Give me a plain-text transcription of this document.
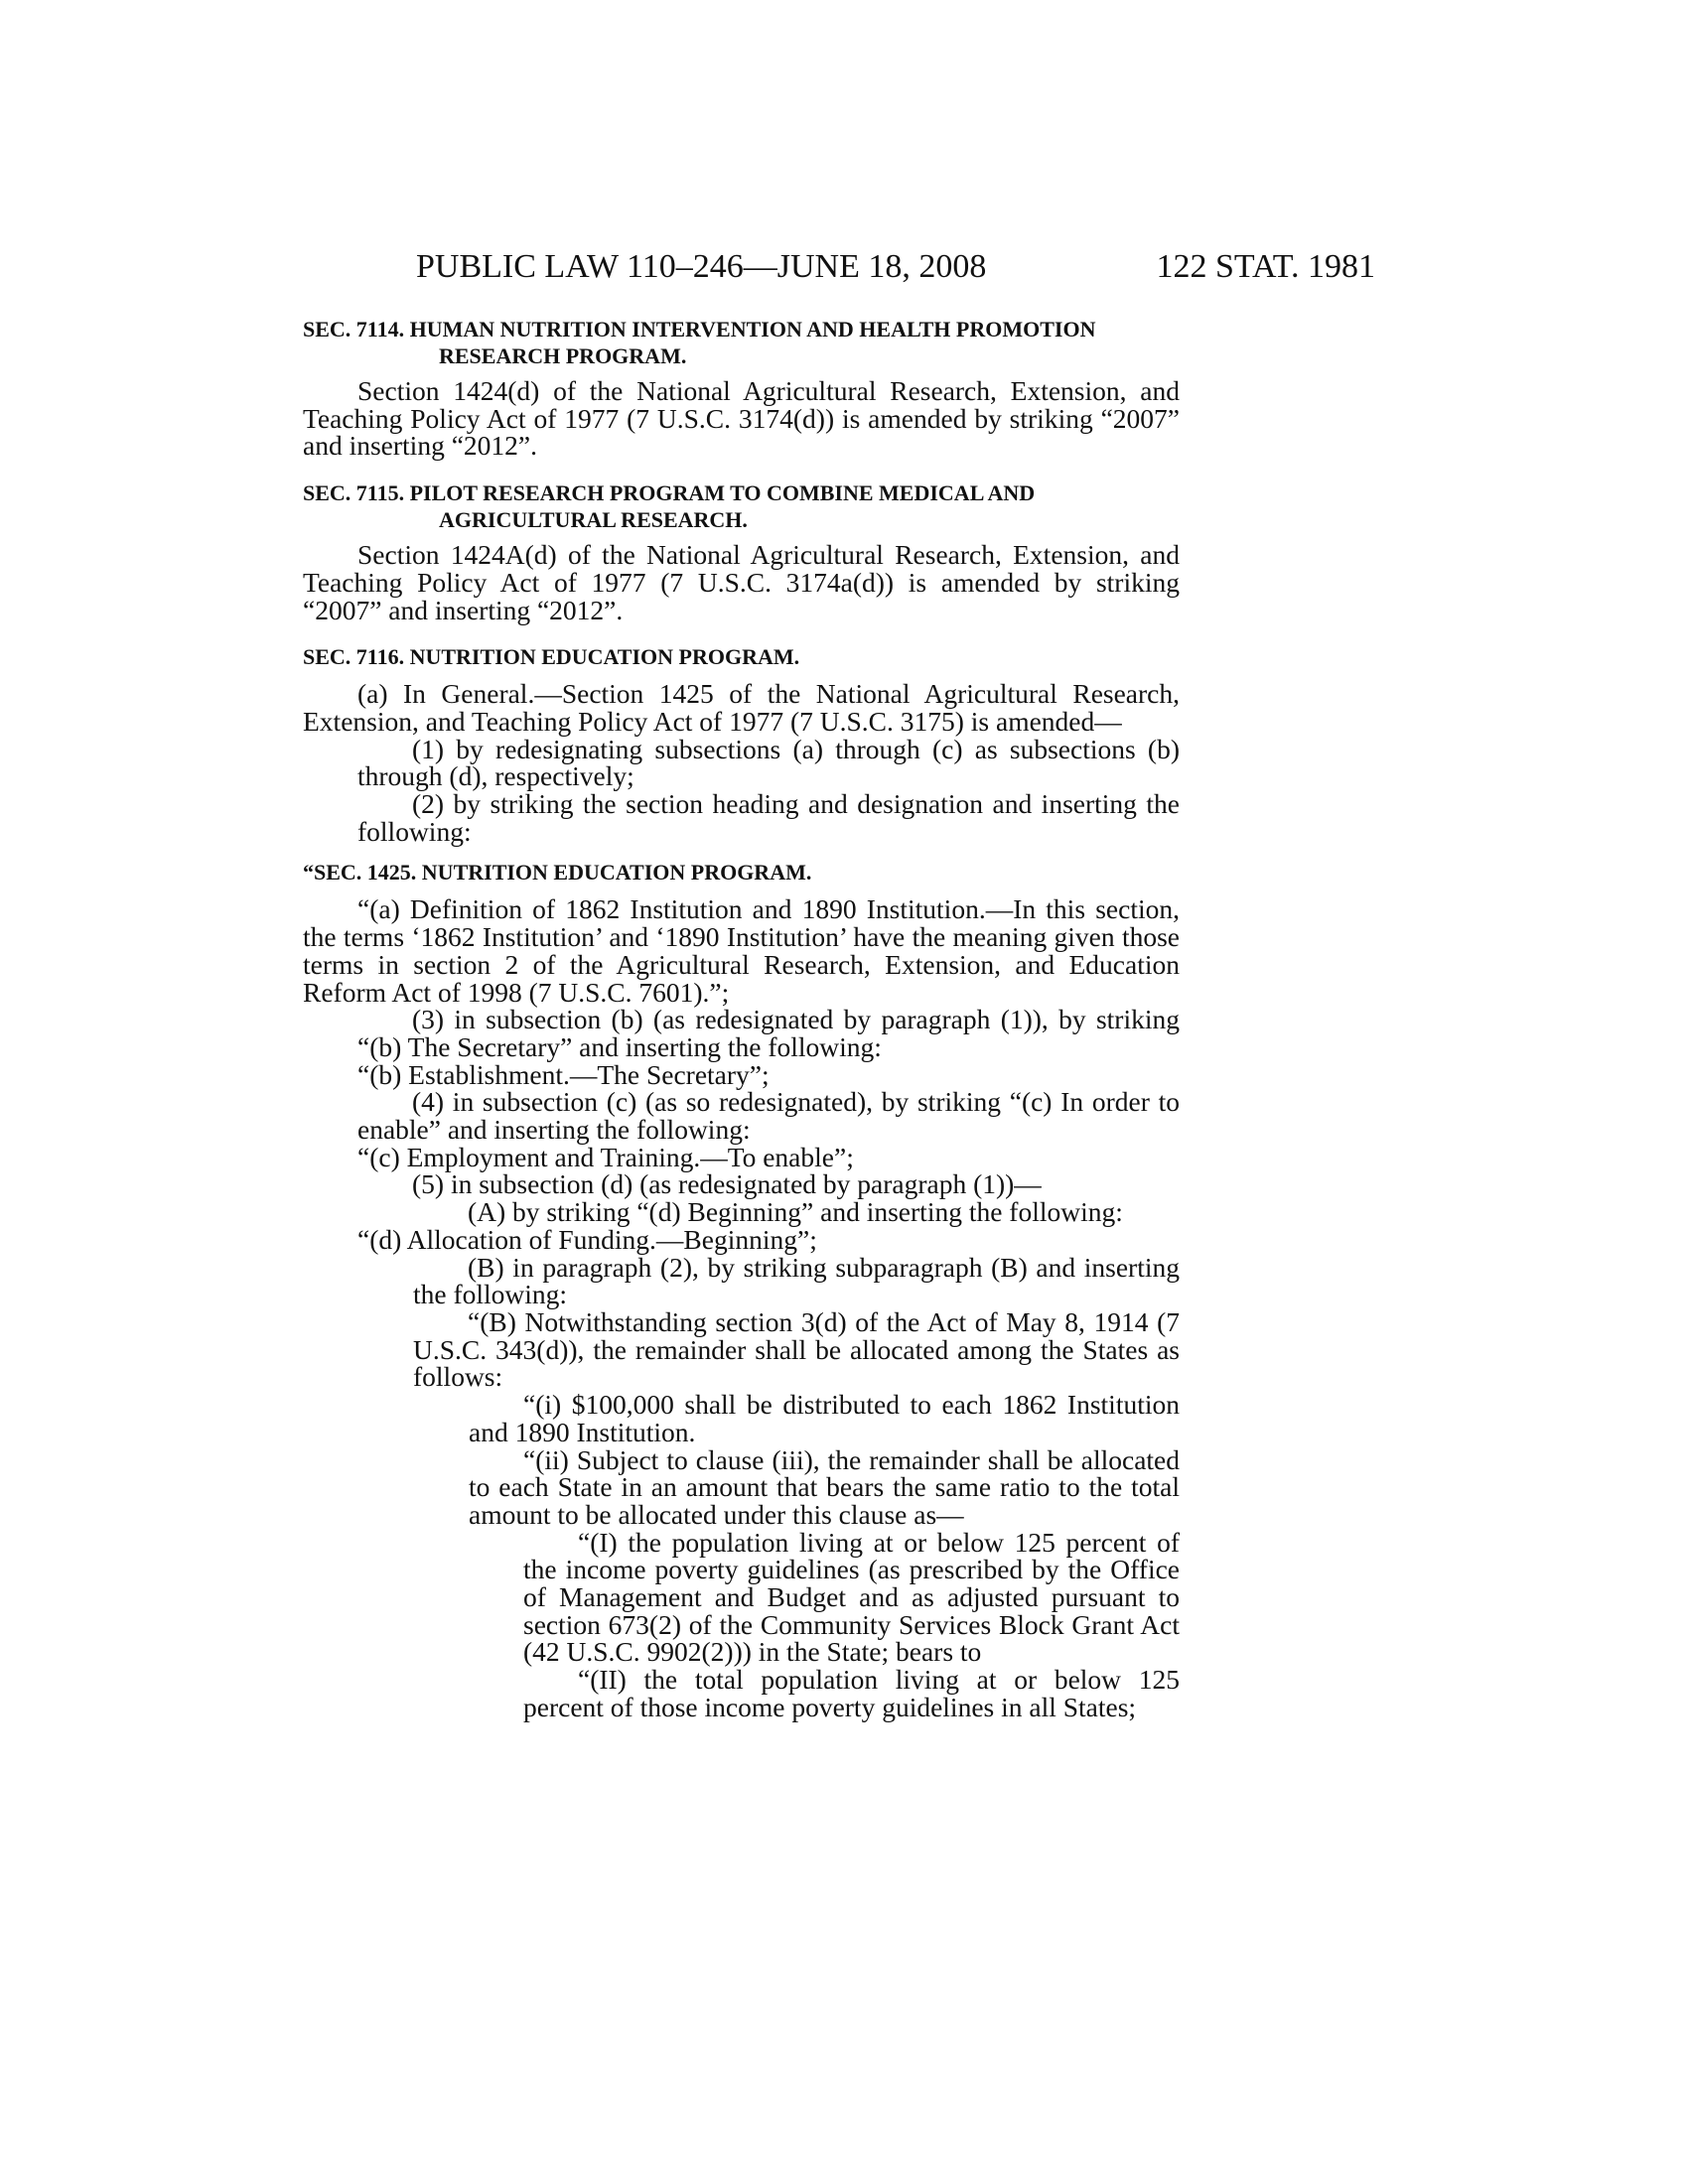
PUBLIC LAW 110–246—JUNE 18, 2008	122 STAT. 1981

SEC. 7114. HUMAN NUTRITION INTERVENTION AND HEALTH PROMOTION RESEARCH PROGRAM.

Section 1424(d) of the National Agricultural Research, Extension, and Teaching Policy Act of 1977 (7 U.S.C. 3174(d)) is amended by striking “2007” and inserting “2012”.

SEC. 7115. PILOT RESEARCH PROGRAM TO COMBINE MEDICAL AND AGRICULTURAL RESEARCH.

Section 1424A(d) of the National Agricultural Research, Extension, and Teaching Policy Act of 1977 (7 U.S.C. 3174a(d)) is amended by striking “2007” and inserting “2012”.

SEC. 7116. NUTRITION EDUCATION PROGRAM.

(a) In General.—Section 1425 of the National Agricultural Research, Extension, and Teaching Policy Act of 1977 (7 U.S.C. 3175) is amended—

(1) by redesignating subsections (a) through (c) as subsections (b) through (d), respectively;

(2) by striking the section heading and designation and inserting the following:

“SEC. 1425. NUTRITION EDUCATION PROGRAM.

“(a) Definition of 1862 Institution and 1890 Institution.—In this section, the terms ‘1862 Institution’ and ‘1890 Institution’ have the meaning given those terms in section 2 of the Agricultural Research, Extension, and Education Reform Act of 1998 (7 U.S.C. 7601).”;

(3) in subsection (b) (as redesignated by paragraph (1)), by striking “(b) The Secretary” and inserting the following:

“(b) Establishment.—The Secretary”;

(4) in subsection (c) (as so redesignated), by striking “(c) In order to enable” and inserting the following:

“(c) Employment and Training.—To enable”;

(5) in subsection (d) (as redesignated by paragraph (1))—

(A) by striking “(d) Beginning” and inserting the following:

“(d) Allocation of Funding.—Beginning”;

(B) in paragraph (2), by striking subparagraph (B) and inserting the following:

“(B) Notwithstanding section 3(d) of the Act of May 8, 1914 (7 U.S.C. 343(d)), the remainder shall be allocated among the States as follows:

“(i) $100,000 shall be distributed to each 1862 Institution and 1890 Institution.

“(ii) Subject to clause (iii), the remainder shall be allocated to each State in an amount that bears the same ratio to the total amount to be allocated under this clause as—

“(I) the population living at or below 125 percent of the income poverty guidelines (as prescribed by the Office of Management and Budget and as adjusted pursuant to section 673(2) of the Community Services Block Grant Act (42 U.S.C. 9902(2))) in the State; bears to

“(II) the total population living at or below 125 percent of those income poverty guidelines in all States;
